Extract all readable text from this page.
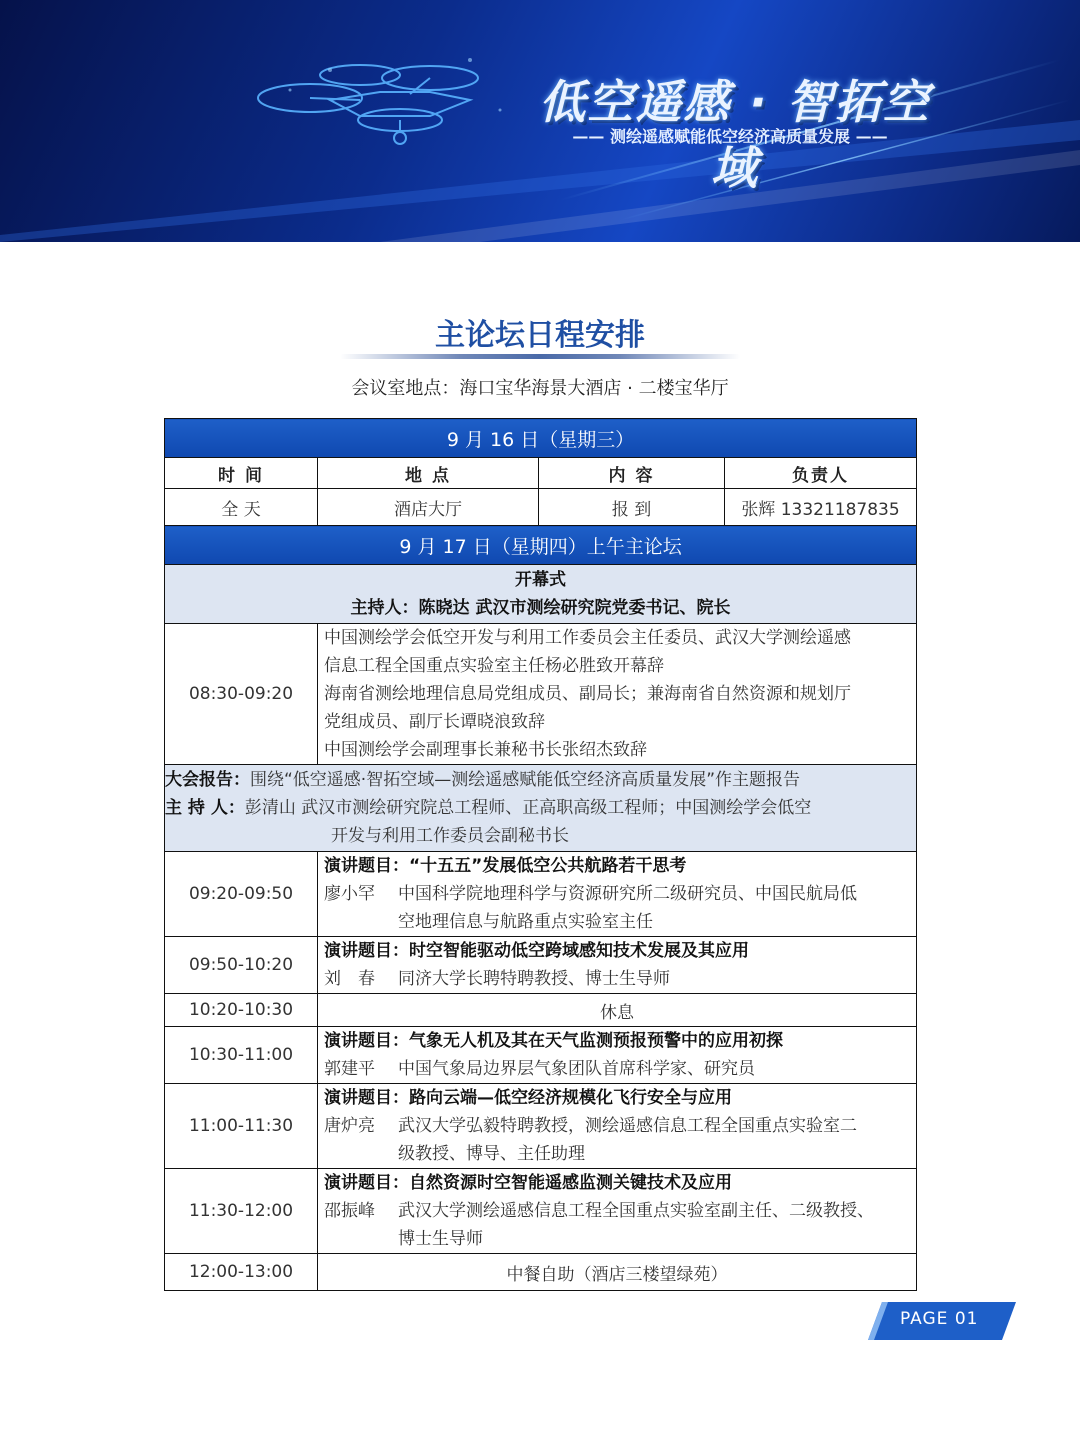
低空遥感 · 智拓空域
—— 测绘遥感赋能低空经济高质量发展 ——
主论坛日程安排
会议室地点：海口宝华海景大酒店 · 二楼宝华厅
9 月 16 日（星期三）			
时 间	地 点	内 容	负责人
全 天	酒店大厅	报 到	张辉 13321187835
9 月 17 日（星期四）上午主论坛			

开幕式
主持人：陈晓达 武汉市测绘研究院党委书记、院长			

08:30-09:20	中国测绘学会低空开发与利用工作委员会主任委员、武汉大学测绘遥感
信息工程全国重点实验室主任杨必胜致开幕辞
海南省测绘地理信息局党组成员、副局长；兼海南省自然资源和规划厅
党组成员、副厅长谭晓浪致辞
中国测绘学会副理事长兼秘书长张绍杰致辞		

大会报告：围绕“低空遥感·智拓空域—测绘遥感赋能低空经济高质量发展”作主题报告
主 持 人：彭清山 武汉市测绘研究院总工程师、正高职高级工程师；中国测绘学会低空
开发与利用工作委员会副秘书长			

09:20-09:50	演讲题目：“十五五”发展低空公共航路若干思考
廖小罕 中国科学院地理科学与资源研究所二级研究员、中国民航局低
空地理信息与航路重点实验室主任		

09:50-10:20	演讲题目：时空智能驱动低空跨域感知技术发展及其应用
刘　春 同济大学长聘特聘教授、博士生导师		

10:20-10:30	休息		
10:30-11:00	演讲题目：气象无人机及其在天气监测预报预警中的应用初探
郭建平 中国气象局边界层气象团队首席科学家、研究员		

11:00-11:30	演讲题目：路向云端—低空经济规模化飞行安全与应用
唐炉亮 武汉大学弘毅特聘教授，测绘遥感信息工程全国重点实验室二
级教授、博导、主任助理		

11:30-12:00	演讲题目：自然资源时空智能遥感监测关键技术及应用
邵振峰 武汉大学测绘遥感信息工程全国重点实验室副主任、二级教授、
博士生导师		

12:00-13:00	中餐自助（酒店三楼望绿苑）		
PAGE 01
